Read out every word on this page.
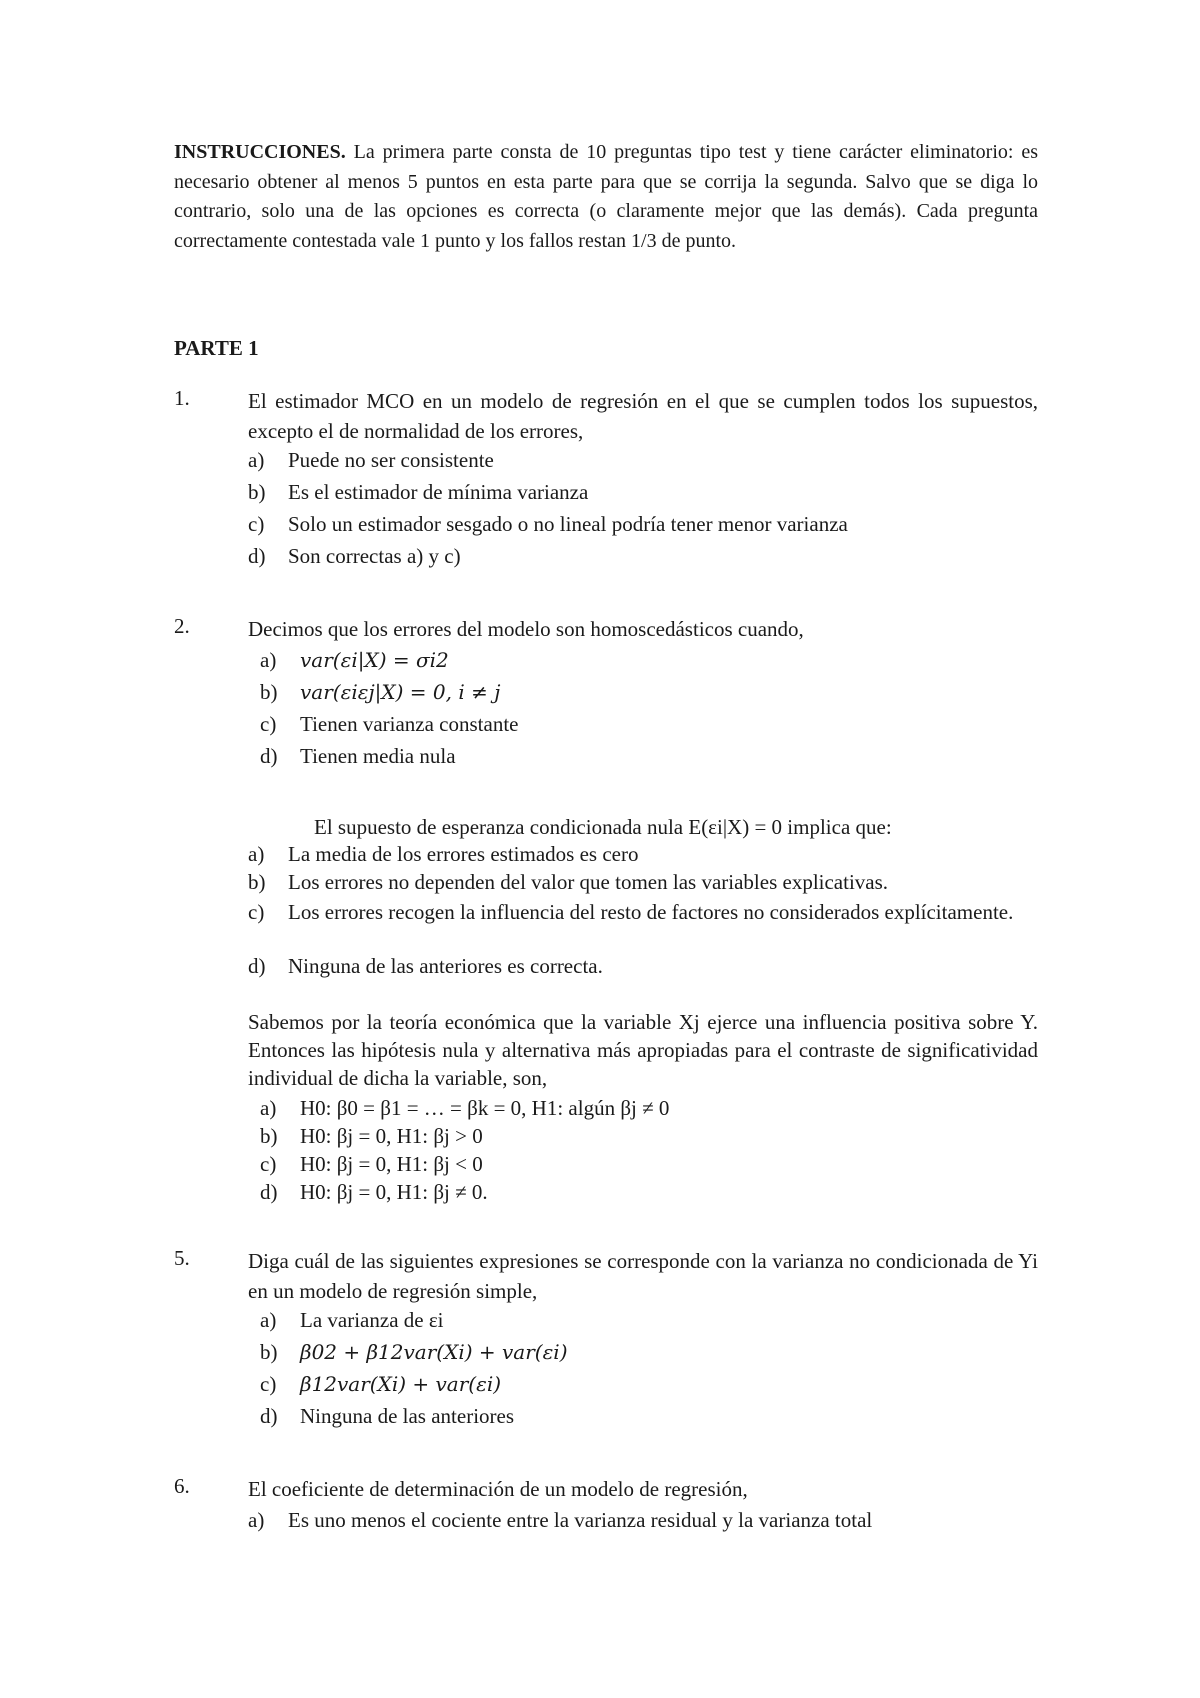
INSTRUCCIONES. La primera parte consta de 10 preguntas tipo test y tiene carácter eliminatorio: es necesario obtener al menos 5 puntos en esta parte para que se corrija la segunda. Salvo que se diga lo contrario, solo una de las opciones es correcta (o claramente mejor que las demás). Cada pregunta correctamente contestada vale 1 punto y los fallos restan 1/3 de punto.

PARTE 1
1.	El estimador MCO en un modelo de regresión en el que se cumplen todos los supuestos, excepto el de normalidad de los errores,

a) Puede no ser consistente
b) Es el estimador de mínima varianza
c) Solo un estimador sesgado o no lineal podría tener menor varianza
d) Son correctas a) y c)
2.	Decimos que los errores del modelo son homoscedásticos cuando,

a) var(εi|X) = σi2
b) var(εiεj|X) = 0, i ≠ j
c) Tienen varianza constante
d) Tienen media nula

El supuesto de esperanza condicionada nula E(εi|X) = 0 implica que:

a) La media de los errores estimados es cero
b) Los errores no dependen del valor que tomen las variables explicativas.
c)	Los errores recogen la influencia del resto de factores no considerados explícitamente.
d) Ninguna de las anteriores es correcta.

Sabemos por la teoría económica que la variable Xj ejerce una influencia positiva sobre Y. Entonces las hipótesis nula y alternativa más apropiadas para el contraste de significatividad individual de dicha la variable, son,

a) H0: β0 = β1 = … = βk = 0, H1: algún βj ≠ 0
b) H0: βj = 0, H1: βj > 0
c) H0: βj = 0, H1: βj < 0
d) H0: βj = 0, H1: βj ≠ 0.
5.	Diga cuál de las siguientes expresiones se corresponde con la varianza no condicionada de Yi en un modelo de regresión simple,

a) La varianza de εi
b) β02 + β12var(Xi) + var(εi)
c) β12var(Xi) + var(εi)
d) Ninguna de las anteriores
6.	El coeficiente de determinación de un modelo de regresión,

a) Es uno menos el cociente entre la varianza residual y la varianza total
